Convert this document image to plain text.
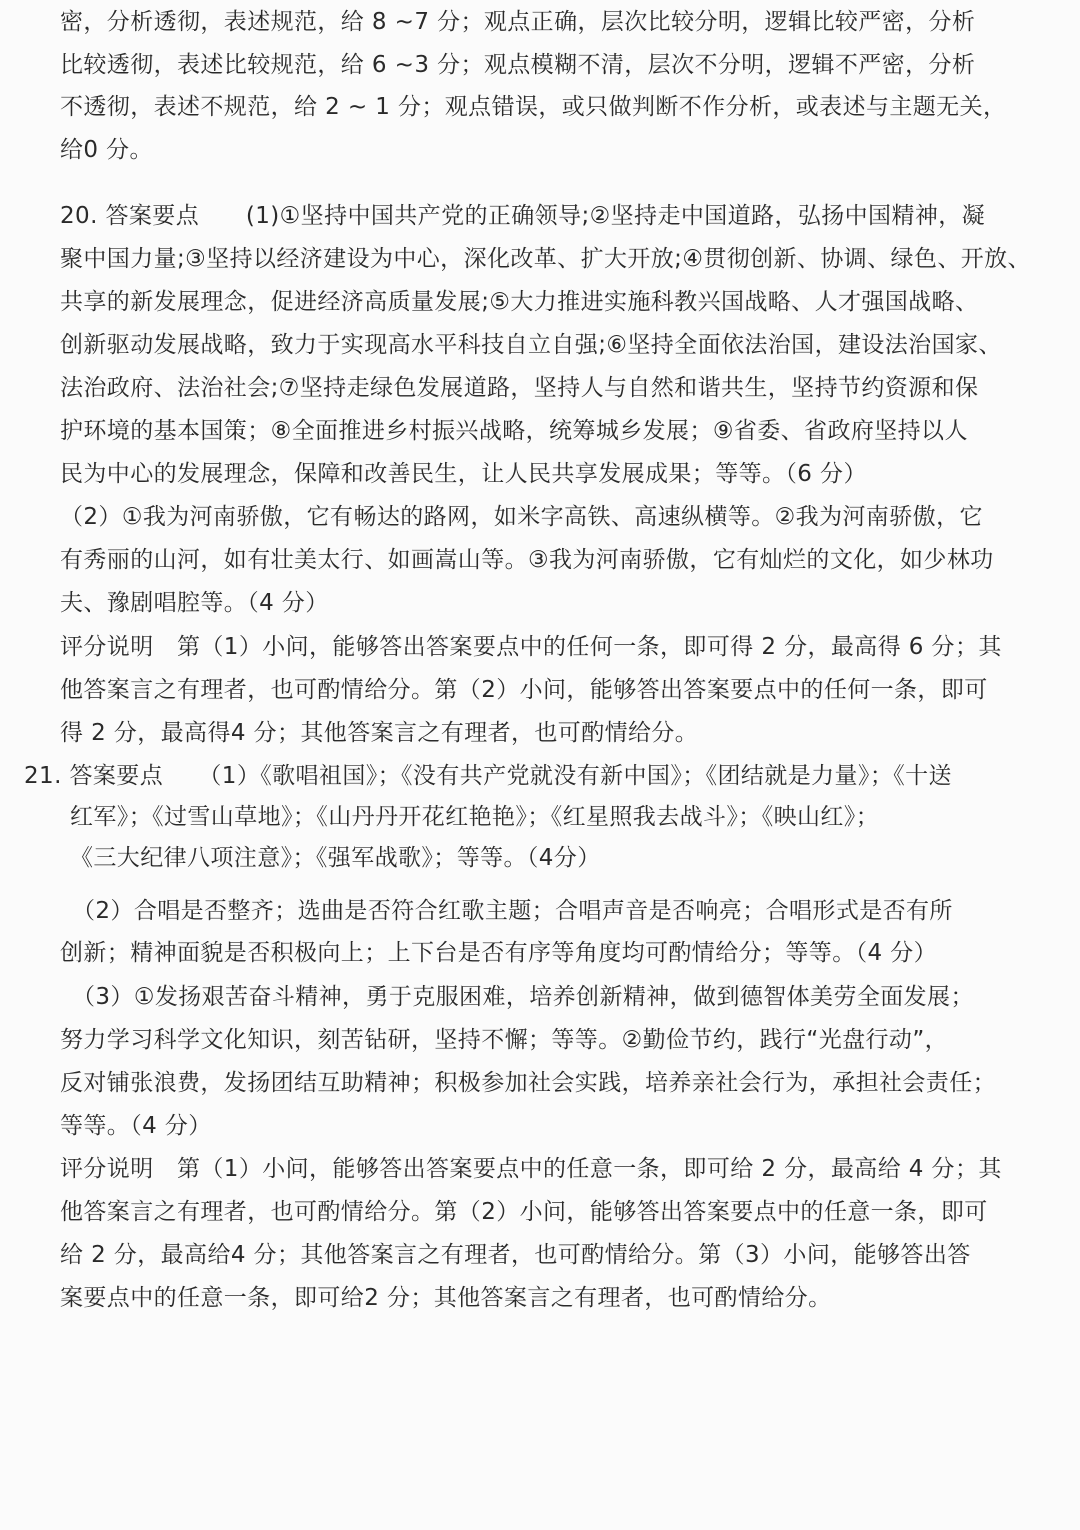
密，分析透彻，表述规范，给 8 ~7 分；观点正确，层次比较分明，逻辑比较严密，分析
比较透彻，表述比较规范，给 6 ~3 分；观点模糊不清，层次不分明，逻辑不严密，分析
不透彻，表述不规范，给 2 ~ 1 分；观点错误，或只做判断不作分析，或表述与主题无关，
给0 分。
20. 答案要点　　(1)①坚持中国共产党的正确领导;②坚持走中国道路，弘扬中国精神，凝
聚中国力量;③坚持以经济建设为中心，深化改革、扩大开放;④贯彻创新、协调、绿色、开放、
共享的新发展理念，促进经济高质量发展;⑤大力推进实施科教兴国战略、人才强国战略、
创新驱动发展战略，致力于实现高水平科技自立自强;⑥坚持全面依法治国，建设法治国家、
法治政府、法治社会;⑦坚持走绿色发展道路，坚持人与自然和谐共生，坚持节约资源和保
护环境的基本国策；⑧全面推进乡村振兴战略，统筹城乡发展；⑨省委、省政府坚持以人
民为中心的发展理念，保障和改善民生，让人民共享发展成果；等等。（6 分）
（2）①我为河南骄傲，它有畅达的路网，如米字高铁、高速纵横等。②我为河南骄傲，它
有秀丽的山河，如有壮美太行、如画嵩山等。③我为河南骄傲，它有灿烂的文化，如少林功
夫、豫剧唱腔等。（4 分）
评分说明　第（1）小问，能够答出答案要点中的任何一条，即可得 2 分，最高得 6 分；其
他答案言之有理者，也可酌情给分。第（2）小问，能够答出答案要点中的任何一条，即可
得 2 分，最高得4 分；其他答案言之有理者，也可酌情给分。
21. 答案要点　　（1）《歌唱祖国》；《没有共产党就没有新中国》；《团结就是力量》；《十送
红军》；《过雪山草地》；《山丹丹开花红艳艳》；《红星照我去战斗》；《映山红》；
《三大纪律八项注意》；《强军战歌》；等等。（4分）
（2）合唱是否整齐；选曲是否符合红歌主题；合唱声音是否响亮；合唱形式是否有所
创新；精神面貌是否积极向上；上下台是否有序等角度均可酌情给分；等等。（4 分）
（3）①发扬艰苦奋斗精神，勇于克服困难，培养创新精神，做到德智体美劳全面发展；
努力学习科学文化知识，刻苦钻研，坚持不懈；等等。②勤俭节约，践行“光盘行动”，
反对铺张浪费，发扬团结互助精神；积极参加社会实践，培养亲社会行为，承担社会责任；
等等。（4 分）
评分说明　第（1）小问，能够答出答案要点中的任意一条，即可给 2 分，最高给 4 分；其
他答案言之有理者，也可酌情给分。第（2）小问，能够答出答案要点中的任意一条，即可
给 2 分，最高给4 分；其他答案言之有理者，也可酌情给分。第（3）小问，能够答出答
案要点中的任意一条，即可给2 分；其他答案言之有理者，也可酌情给分。
